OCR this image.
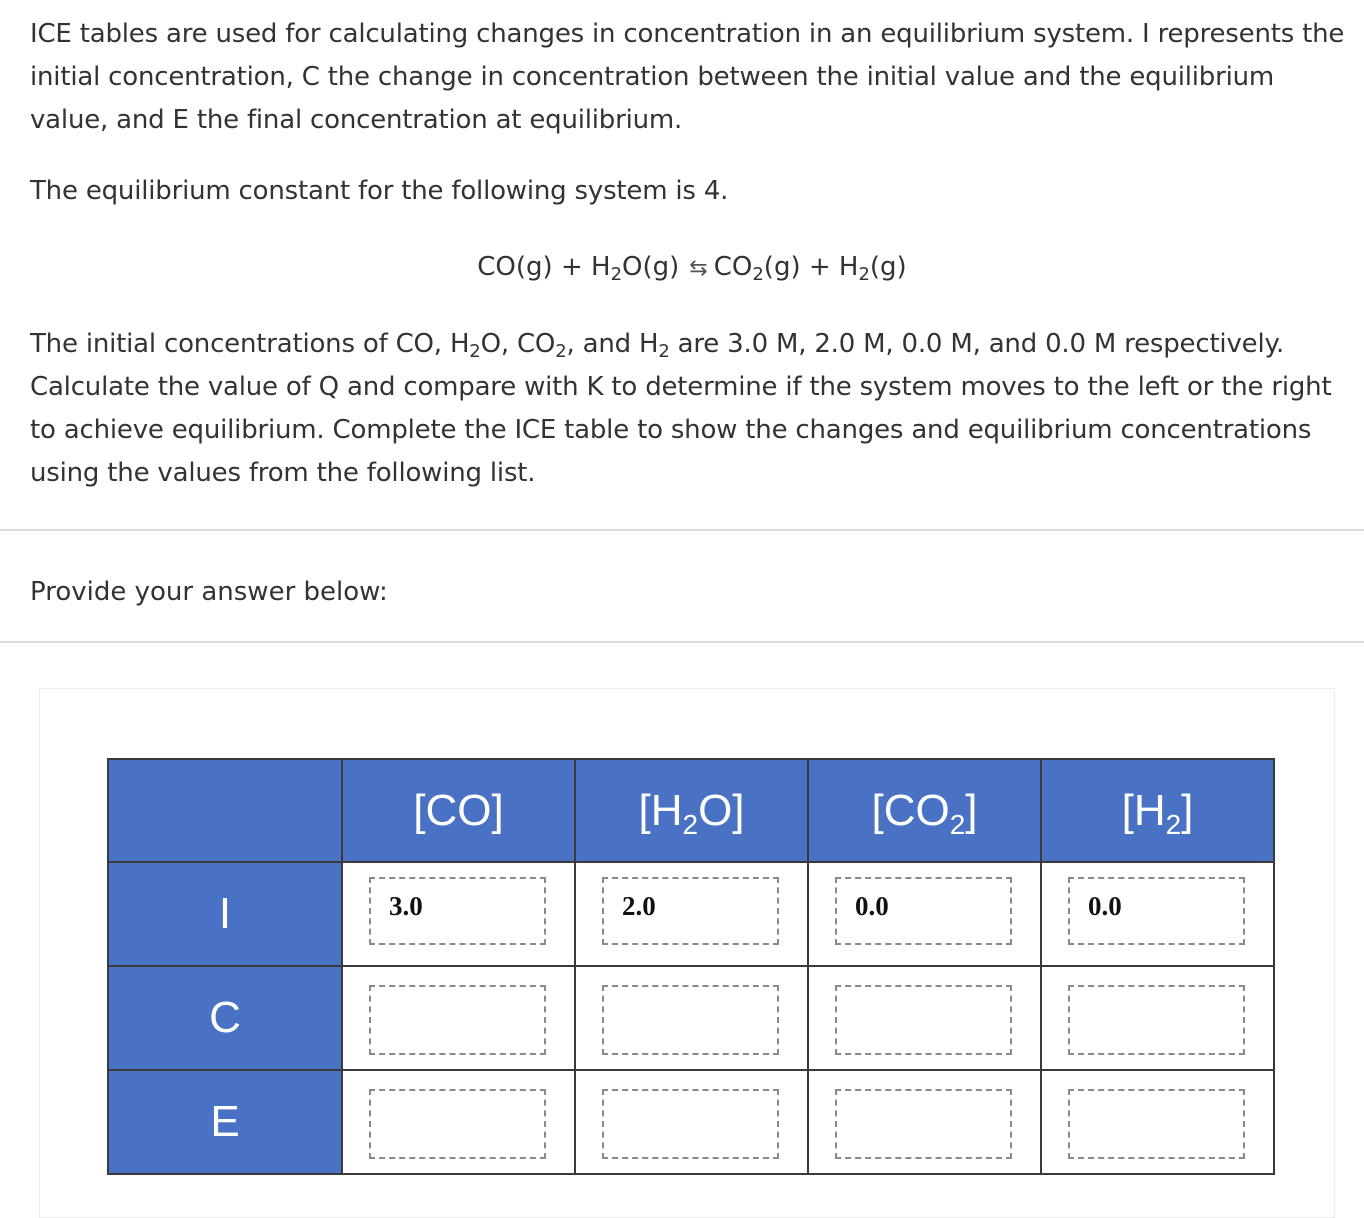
ICE tables are used for calculating changes in concentration in an equilibrium system. I represents the initial concentration, C the change in concentration between the initial value and the equilibrium value, and E the final concentration at equilibrium.

The equilibrium constant for the following system is 4.

$CO(g) + H_2O(g)$ ⇆ $CO_2(g) + H_2(g)$

The initial concentrations of CO, $H_2O$, $CO_2$, and $H_2$ are 3.0 M, 2.0 M, 0.0 M, and 0.0 M respectively. Calculate the value of Q and compare with K to determine if the system moves to the left or the right to achieve equilibrium. Complete the ICE table to show the changes and equilibrium concentrations using the values from the following list.

Provide your answer below:
	[CO]	$[H_2O]$	$[CO_2]$	$[H_2]$
I	3.0	2.0	0.0	0.0

C	

E	
